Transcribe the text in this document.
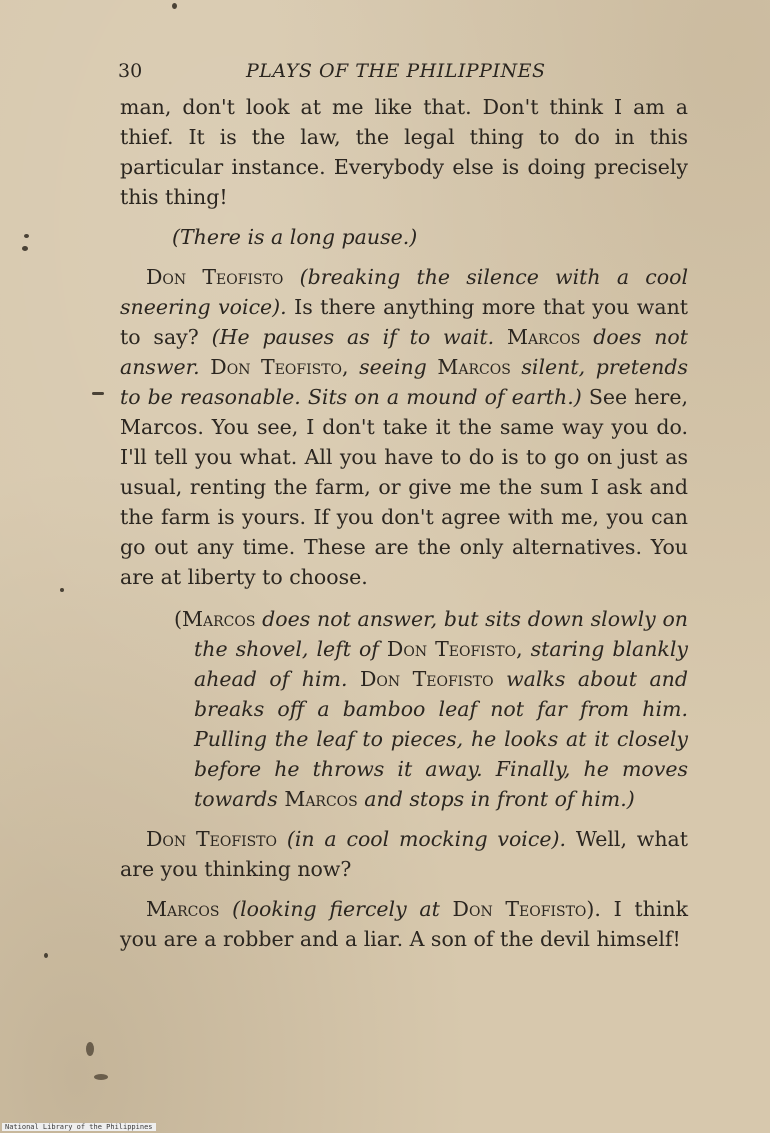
30	PLAYS OF THE PHILIPPINES

man, don't look at me like that. Don't think I am a thief. It is the law, the legal thing to do in this particular instance. Everybody else is doing precisely this thing!

(There is a long pause.)

Don Teofisto (breaking the silence with a cool sneering voice). Is there anything more that you want to say? (He pauses as if to wait. Marcos does not answer. Don Teofisto, seeing Marcos silent, pretends to be reasonable. Sits on a mound of earth.) See here, Marcos. You see, I don't take it the same way you do. I'll tell you what. All you have to do is to go on just as usual, renting the farm, or give me the sum I ask and the farm is yours. If you don't agree with me, you can go out any time. These are the only alternatives. You are at liberty to choose.

(Marcos does not answer, but sits down slowly on the shovel, left of Don Teofisto, staring blankly ahead of him. Don Teofisto walks about and breaks off a bamboo leaf not far from him. Pulling the leaf to pieces, he looks at it closely before he throws it away. Finally, he moves towards Marcos and stops in front of him.)

Don Teofisto (in a cool mocking voice). Well, what are you thinking now?

Marcos (looking fiercely at Don Teofisto). I think you are a robber and a liar. A son of the devil himself!

National Library of the Philippines
